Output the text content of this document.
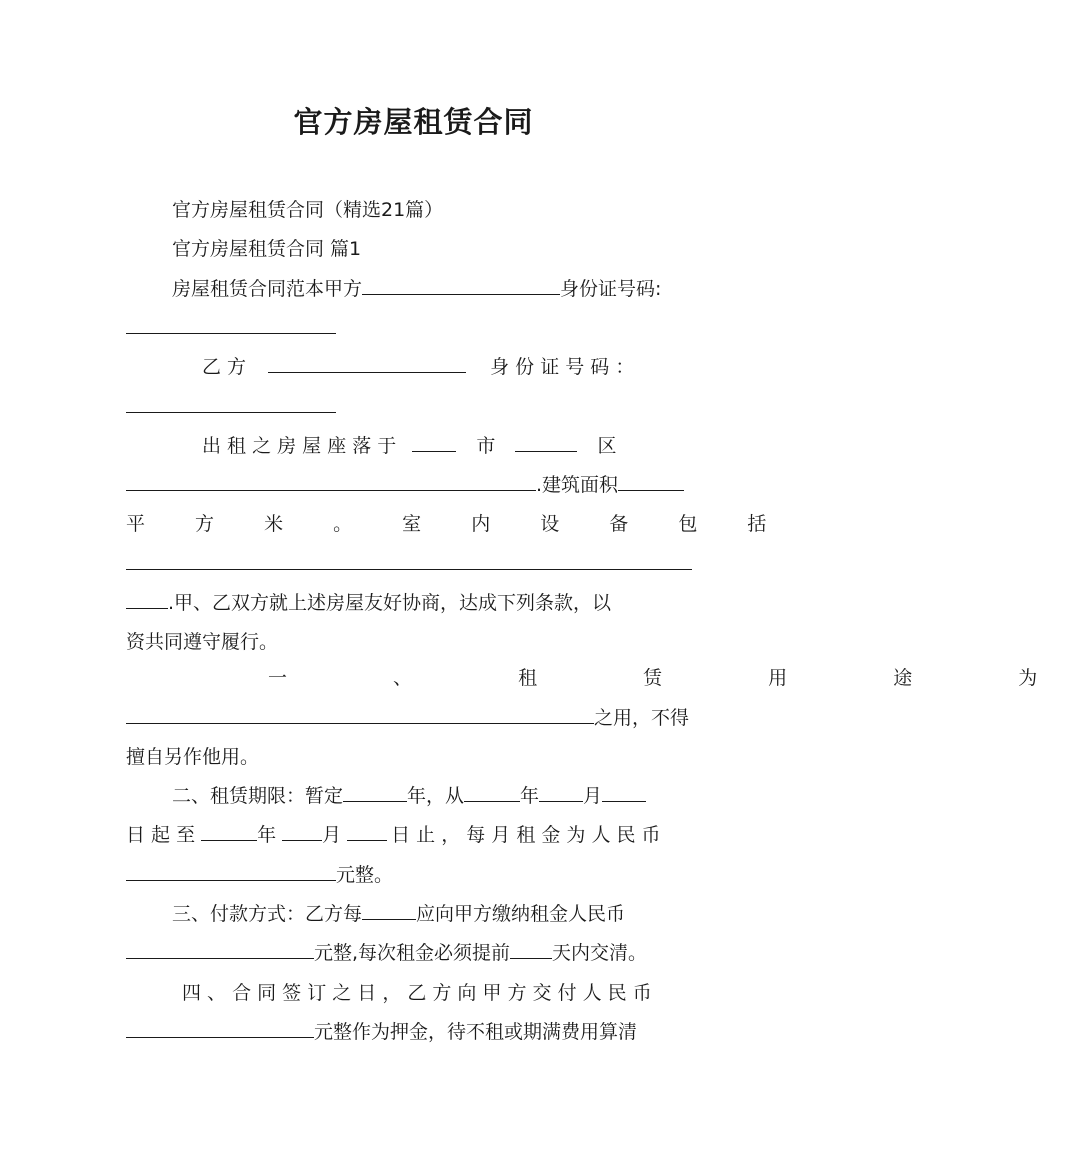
官方房屋租赁合同
官方房屋租赁合同（精选21篇）
官方房屋租赁合同 篇1
房屋租赁合同范本甲方	身份证号码:
乙 方	身 份 证 号 码 ：
出 租 之 房 屋 座 落 于	市	区
.建筑面积
平 方 米 。 室 内 设 备 包 括
.甲、乙双方就上述房屋友好协商，达成下列条款，以
资共同遵守履行。
一 、 租 赁 用 途 为
之用，不得
擅自另作他用。
二、租赁期限：暂定	年，从	年 月
日 起 至	年 月	日 止 ， 每 月 租 金 为 人 民 币
元整。
三、付款方式：乙方每	应向甲方缴纳租金人民币
元整,每次租金必须提前 天内交清。
四 、 合 同 签 订 之 日 ， 乙 方 向 甲 方 交 付 人 民 币
元整作为押金，待不租或期满费用算清
